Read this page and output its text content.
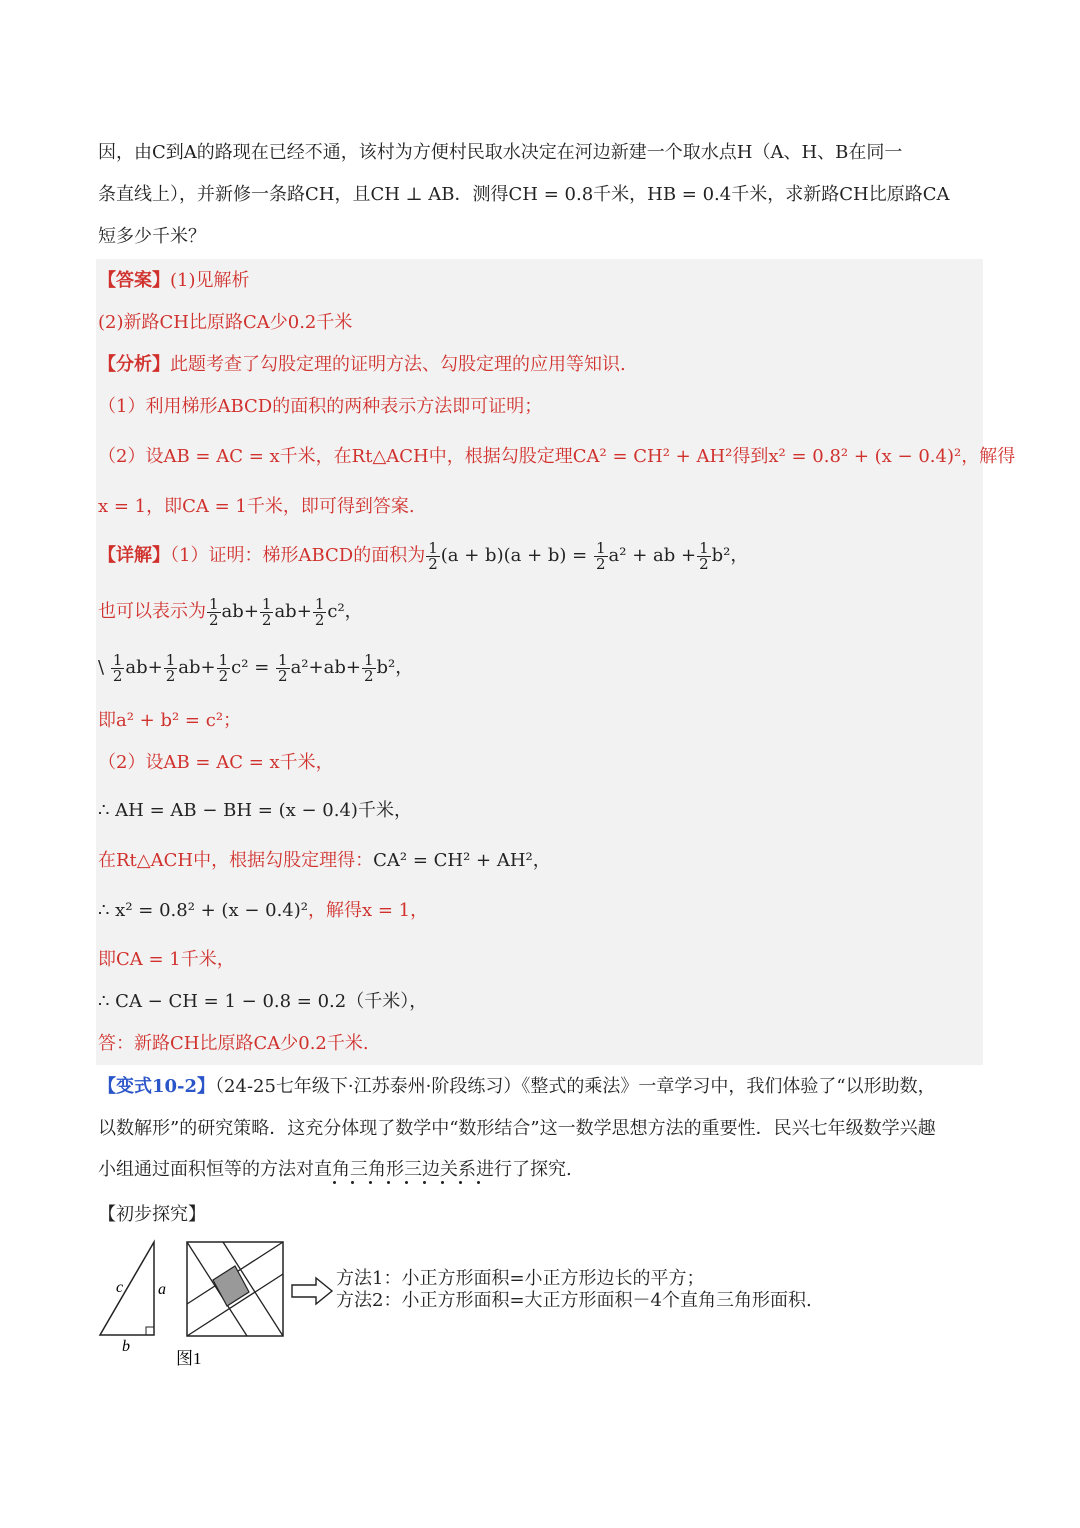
因，由C到A的路现在已经不通，该村为方便村民取水决定在河边新建一个取水点H（A、H、B在同一
条直线上），并新修一条路CH，且CH ⊥ AB．测得CH = 0.8千米，HB = 0.4千米，求新路CH比原路CA
短多少千米？
【答案】(1)见解析
(2)新路CH比原路CA少0.2千米
【分析】此题考查了勾股定理的证明方法、勾股定理的应用等知识.
（1）利用梯形ABCD的面积的两种表示方法即可证明；
（2）设AB = AC = x千米，在Rt△ACH中，根据勾股定理CA² = CH² + AH²得到x² = 0.8² + (x − 0.4)²，解得
x = 1，即CA = 1千米，即可得到答案.
【详解】（1）证明：梯形ABCD的面积为 $\frac{1}{2} (a + b)(a + b) = \frac{1}{2} a^2$ + ab + $\frac{1}{2} b^2$，
也可以表示为 $\frac{1}{2} ab+ \frac{1}{2} ab+ \frac{1}{2} c^2$，
\ $\frac{1}{2} ab+ \frac{1}{2} ab+ \frac{1}{2} c^2 = \frac{1}{2} a^2+ab+ \frac{1}{2} b^2$，
即a² + b² = c²；
（2）设AB = AC = x千米，
∴ AH = AB − BH = (x − 0.4)千米，
在Rt△ACH中，根据勾股定理得：CA² = CH² + AH²，
∴ x² = 0.8² + (x − 0.4)²，解得x = 1，
即CA = 1千米，
∴ CA − CH = 1 − 0.8 = 0.2（千米），
答：新路CH比原路CA少0.2千米.
【变式10-2】（24-25七年级下·江苏泰州·阶段练习）《整式的乘法》一章学习中，我们体验了“以形助数，
以数解形”的研究策略．这充分体现了数学中“数形结合”这一数学思想方法的重要性．民兴七年级数学兴趣
小组通过面积恒等的方法对直角三角形三边关系进行了探究.
【初步探究】
c a
b
图1
方法1：小正方形面积=小正方形边长的平方；
方法2：小正方形面积=大正方形面积－4个直角三角形面积.
